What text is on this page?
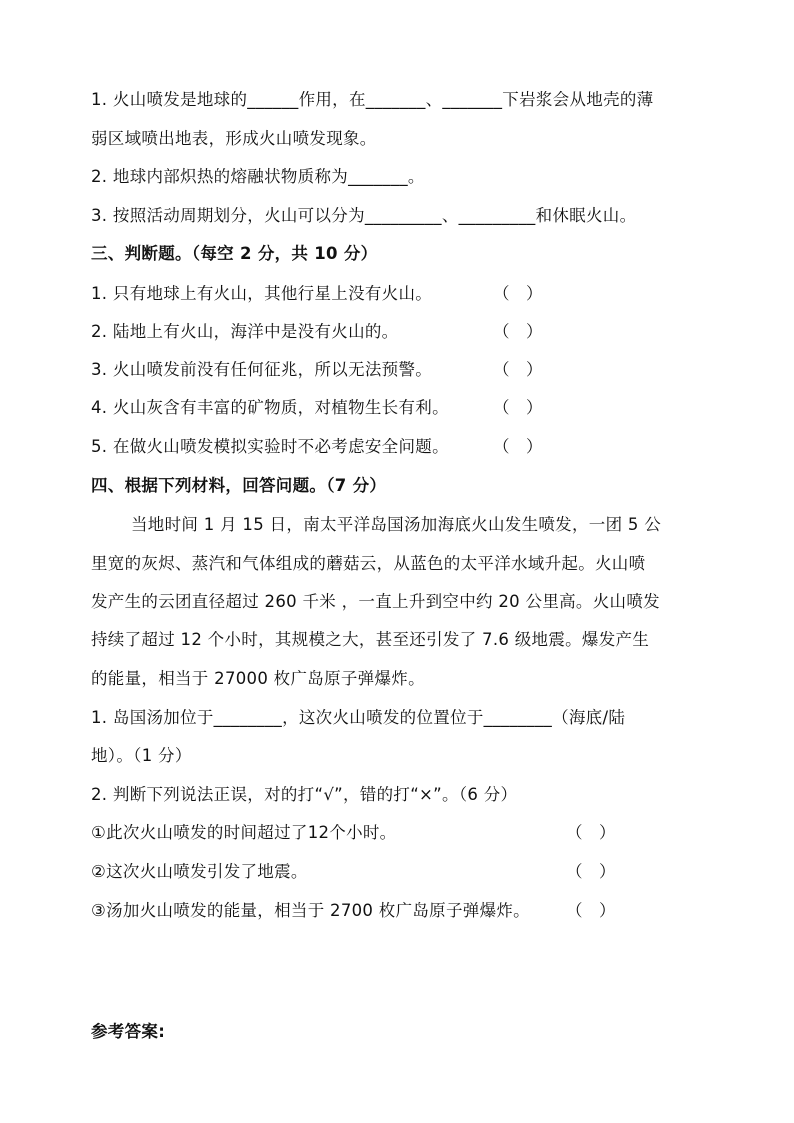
1. 火山喷发是地球的______作用，在_______、_______下岩浆会从地壳的薄
弱区域喷出地表，形成火山喷发现象。
2. 地球内部炽热的熔融状物质称为_______。
3. 按照活动周期划分，火山可以分为_________、_________和休眠火山。
三、判断题。（每空 2 分，共 10 分）
1. 只有地球上有火山，其他行星上没有火山。	（　）
2. 陆地上有火山，海洋中是没有火山的。	（　）
3. 火山喷发前没有任何征兆，所以无法预警。	（　）
4. 火山灰含有丰富的矿物质，对植物生长有利。	（　）
5. 在做火山喷发模拟实验时不必考虑安全问题。	（　）
四、根据下列材料，回答问题。（7 分）
当地时间 1 月 15 日，南太平洋岛国汤加海底火山发生喷发，一团 5 公
里宽的灰烬、蒸汽和气体组成的蘑菇云，从蓝色的太平洋水域升起。火山喷
发产生的云团直径超过 260 千米 ，一直上升到空中约 20 公里高。火山喷发
持续了超过 12 个小时，其规模之大，甚至还引发了 7.6 级地震。爆发产生
的能量，相当于 27000 枚广岛原子弹爆炸。
1. 岛国汤加位于________，这次火山喷发的位置位于________（海底/陆
地）。（1 分）
2. 判断下列说法正误，对的打“√”，错的打“×”。（6 分）
①此次火山喷发的时间超过了12个小时。	（　）
②这次火山喷发引发了地震。	（　）
③汤加火山喷发的能量，相当于 2700 枚广岛原子弹爆炸。 （　）
参考答案:
